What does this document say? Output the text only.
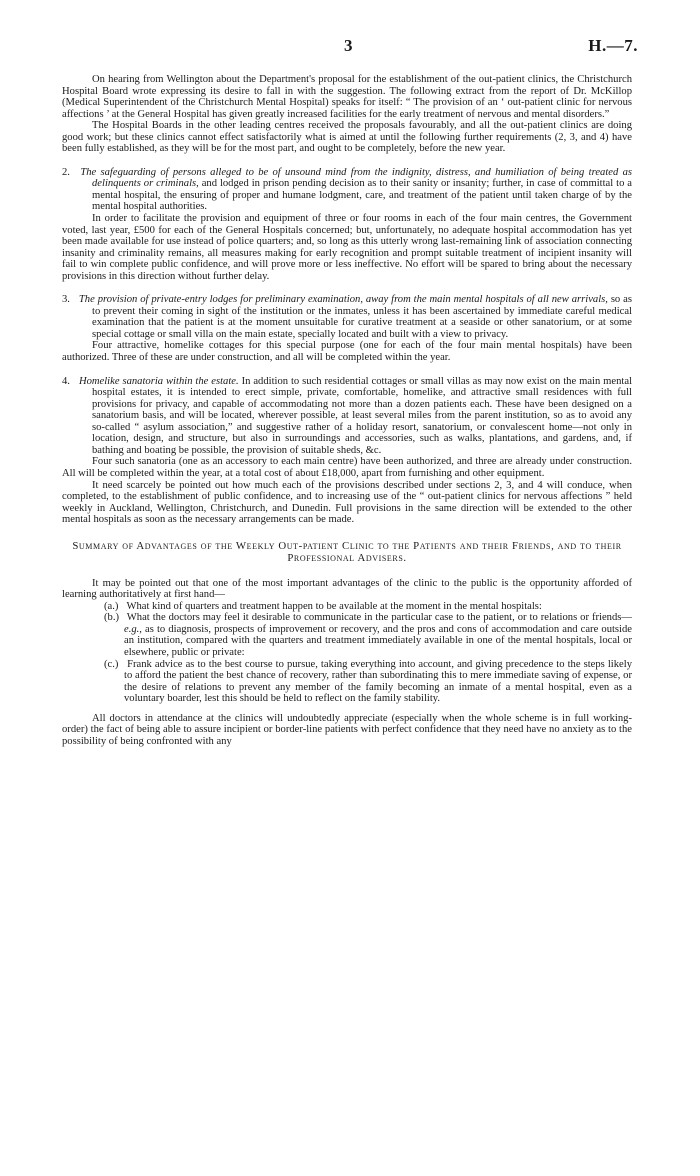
3	H.—7.

On hearing from Wellington about the Department's proposal for the establishment of the out-patient clinics, the Christchurch Hospital Board wrote expressing its desire to fall in with the suggestion. The following extract from the report of Dr. McKillop (Medical Superintendent of the Christchurch Mental Hospital) speaks for itself: “ The provision of an ‘ out-patient clinic for nervous affections ’ at the General Hospital has given greatly increased facilities for the early treatment of nervous and mental disorders.”

The Hospital Boards in the other leading centres received the proposals favourably, and all the out-patient clinics are doing good work; but these clinics cannot effect satisfactorily what is aimed at until the following further requirements (2, 3, and 4) have been fully established, as they will be for the most part, and ought to be completely, before the new year.

2. The safeguarding of persons alleged to be of unsound mind from the indignity, distress, and humiliation of being treated as delinquents or criminals, and lodged in prison pending decision as to their sanity or insanity; further, in case of committal to a mental hospital, the ensuring of proper and humane lodgment, care, and treatment of the patient until taken charge of by the mental hospital authorities.

In order to facilitate the provision and equipment of three or four rooms in each of the four main centres, the Government voted, last year, £500 for each of the General Hospitals concerned; but, unfortunately, no adequate hospital accommodation has yet been made available for use instead of police quarters; and, so long as this utterly wrong last-remaining link of association connecting insanity and criminality remains, all measures making for early recognition and prompt suitable treatment of incipient insanity will fail to win complete public confidence, and will prove more or less ineffective. No effort will be spared to bring about the necessary provisions in this direction without further delay.

3. The provision of private-entry lodges for preliminary examination, away from the main mental hospitals of all new arrivals, so as to prevent their coming in sight of the institution or the inmates, unless it has been ascertained by immediate careful medical examination that the patient is at the moment unsuitable for curative treatment at a seaside or other sanatorium, or at some special cottage or small villa on the main estate, specially located and built with a view to privacy.

Four attractive, homelike cottages for this special purpose (one for each of the four main mental hospitals) have been authorized. Three of these are under construction, and all will be completed within the year.

4. Homelike sanatoria within the estate. In addition to such residential cottages or small villas as may now exist on the main mental hospital estates, it is intended to erect simple, private, comfortable, homelike, and attractive small residences with full provisions for privacy, and capable of accommodating not more than a dozen patients each. These have been designed on a sanatorium basis, and will be located, wherever possible, at least several miles from the parent institution, so as to avoid any so-called “ asylum association,” and suggestive rather of a holiday resort, sanatorium, or convalescent home—not only in location, design, and structure, but also in surroundings and accessories, such as walks, plantations, and gardens, and, if bathing and boating be possible, the provision of suitable sheds, &c.

Four such sanatoria (one as an accessory to each main centre) have been authorized, and three are already under construction. All will be completed within the year, at a total cost of about £18,000, apart from furnishing and other equipment.

It need scarcely be pointed out how much each of the provisions described under sections 2, 3, and 4 will conduce, when completed, to the establishment of public confidence, and to increasing use of the “ out-patient clinics for nervous affections ” held weekly in Auckland, Wellington, Christchurch, and Dunedin. Full provisions in the same direction will be extended to the other mental hospitals as soon as the necessary arrangements can be made.

Summary of Advantages of the Weekly Out-patient Clinic to the Patients and their Friends, and to their Professional Advisers.

It may be pointed out that one of the most important advantages of the clinic to the public is the opportunity afforded of learning authoritatively at first hand—

(a.) What kind of quarters and treatment happen to be available at the moment in the mental hospitals:

(b.) What the doctors may feel it desirable to communicate in the particular case to the patient, or to relations or friends—e.g., as to diagnosis, prospects of improvement or recovery, and the pros and cons of accommodation and care outside an institution, compared with the quarters and treatment immediately available in one of the mental hospitals, local or elsewhere, public or private:

(c.) Frank advice as to the best course to pursue, taking everything into account, and giving precedence to the steps likely to afford the patient the best chance of recovery, rather than subordinating this to mere immediate saving of expense, or the desire of relations to prevent any member of the family becoming an inmate of a mental hospital, even as a voluntary boarder, lest this should be held to reflect on the family stability.

All doctors in attendance at the clinics will undoubtedly appreciate (especially when the whole scheme is in full working-order) the fact of being able to assure incipient or border-line patients with perfect confidence that they need have no anxiety as to the possibility of being confronted with any
